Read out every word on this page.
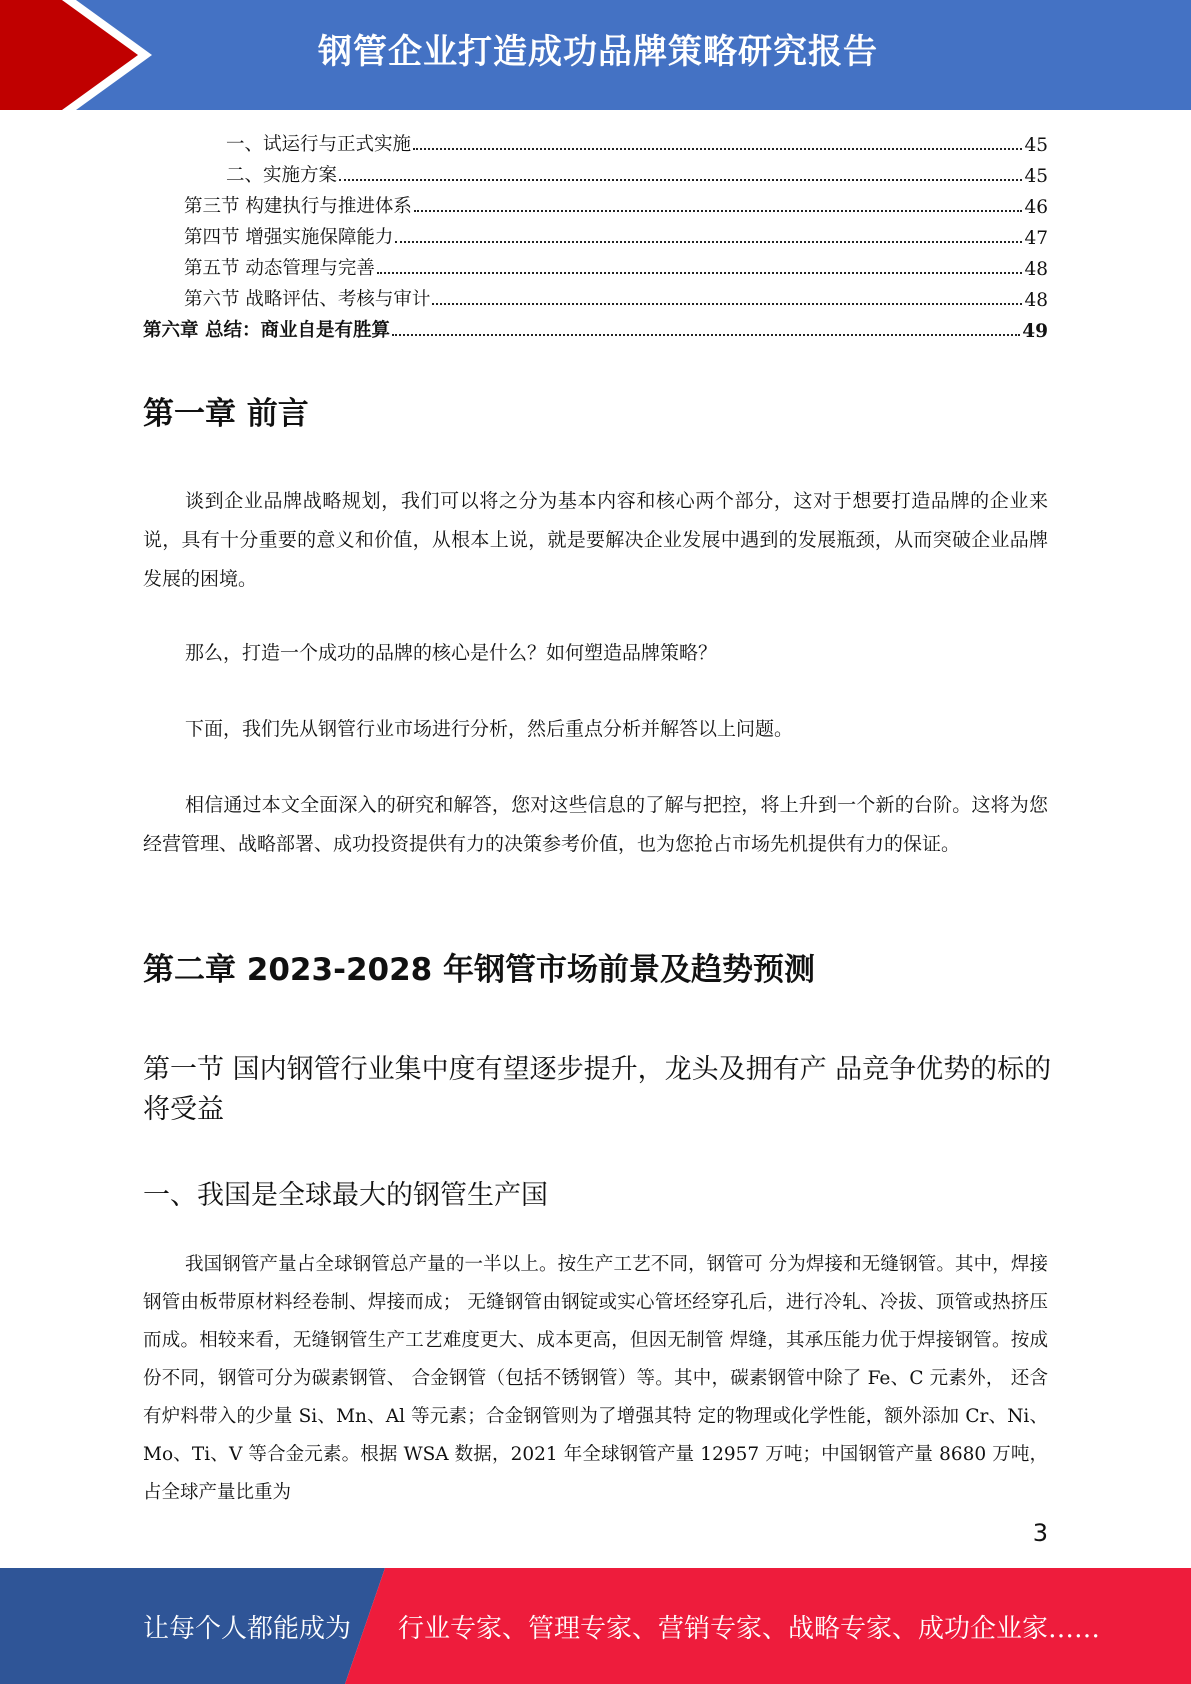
钢管企业打造成功品牌策略研究报告
一、试运行与正式实施	45
二、实施方案	45
第三节 构建执行与推进体系	46
第四节 增强实施保障能力	47
第五节 动态管理与完善	48
第六节 战略评估、考核与审计	48
第六章 总结：商业自是有胜算	49
第一章 前言
谈到企业品牌战略规划，我们可以将之分为基本内容和核心两个部分，这对于想要打造品牌的企业来说，具有十分重要的意义和价值，从根本上说，就是要解决企业发展中遇到的发展瓶颈，从而突破企业品牌发展的困境。
那么，打造一个成功的品牌的核心是什么？如何塑造品牌策略？
下面，我们先从钢管行业市场进行分析，然后重点分析并解答以上问题。
相信通过本文全面深入的研究和解答，您对这些信息的了解与把控，将上升到一个新的台阶。这将为您经营管理、战略部署、成功投资提供有力的决策参考价值，也为您抢占市场先机提供有力的保证。
第二章 2023-2028 年钢管市场前景及趋势预测
第一节 国内钢管行业集中度有望逐步提升，龙头及拥有产 品竞争优势的标的将受益
一、我国是全球最大的钢管生产国
我国钢管产量占全球钢管总产量的一半以上。按生产工艺不同，钢管可 分为焊接和无缝钢管。其中，焊接钢管由板带原材料经卷制、焊接而成； 无缝钢管由钢锭或实心管坯经穿孔后，进行冷轧、冷拔、顶管或热挤压 而成。相较来看，无缝钢管生产工艺难度更大、成本更高，但因无制管 焊缝，其承压能力优于焊接钢管。按成份不同，钢管可分为碳素钢管、 合金钢管（包括不锈钢管）等。其中，碳素钢管中除了 Fe、C 元素外， 还含有炉料带入的少量 Si、Mn、Al 等元素；合金钢管则为了增强其特 定的物理或化学性能，额外添加 Cr、Ni、Mo、Ti、V 等合金元素。根据 WSA 数据，2021 年全球钢管产量 12957 万吨；中国钢管产量 8680 万吨， 占全球产量比重为
3
让每个人都能成为 行业专家、管理专家、营销专家、战略专家、成功企业家……
